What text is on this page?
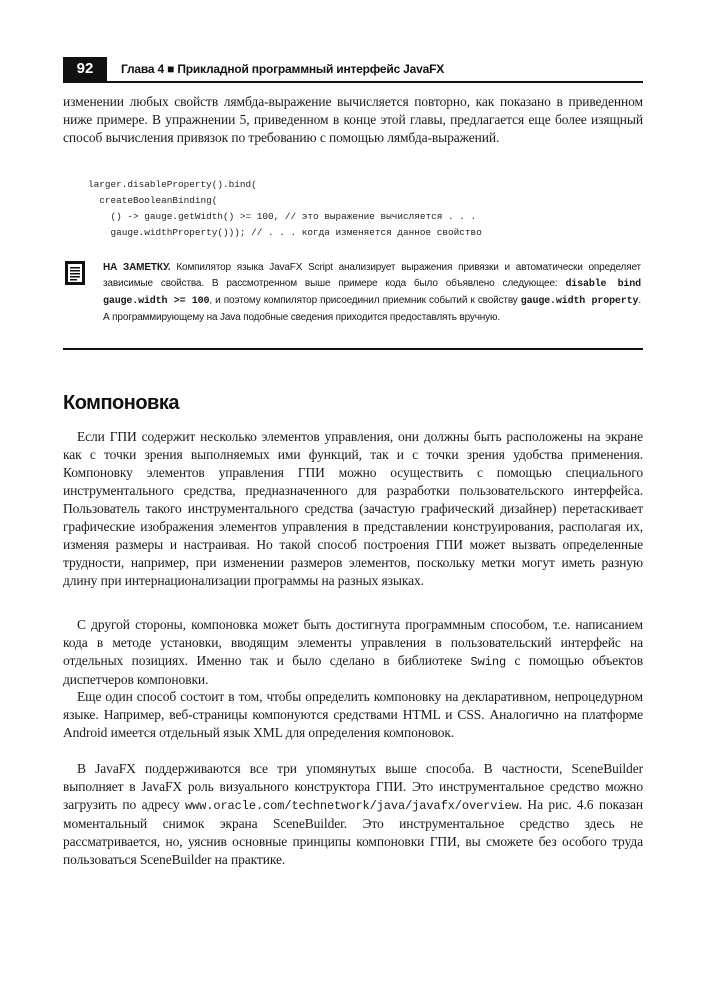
92	Глава 4 ■ Прикладной программный интерфейс JavaFX
изменении любых свойств лямбда-выражение вычисляется повторно, как показано в приведенном ниже примере. В упражнении 5, приведенном в конце этой главы, предлагается еще более изящный способ вычисления привязок по требованию с помощью лямбда-выражений.
larger.disableProperty().bind(
createBooleanBinding(
() -> gauge.getWidth() >= 100, // это выражение вычисляется . . .
gauge.widthProperty())); // . . . когда изменяется данное свойство
НА ЗАМЕТКУ. Компилятор языка JavaFX Script анализирует выражения привязки и автоматически определяет зависимые свойства. В рассмотренном выше примере кода было объявлено следующее: disable bind gauge.width >= 100, и поэтому компилятор присоединил приемник событий к свойству gauge.width property. А программирующему на Java подобные сведения приходится предоставлять вручную.
Компоновка
Если ГПИ содержит несколько элементов управления, они должны быть расположены на экране как с точки зрения выполняемых ими функций, так и с точки зрения удобства применения. Компоновку элементов управления ГПИ можно осуществить с помощью специального инструментального средства, предназначенного для разработки пользовательского интерфейса. Пользователь такого инструментального средства (зачастую графический дизайнер) перетаскивает графические изображения элементов управления в представлении конструирования, располагая их, изменяя размеры и настраивая. Но такой способ построения ГПИ может вызвать определенные трудности, например, при изменении размеров элементов, поскольку метки могут иметь разную длину при интернационализации программы на разных языках.
С другой стороны, компоновка может быть достигнута программным способом, т.е. написанием кода в методе установки, вводящим элементы управления в пользовательский интерфейс на отдельных позициях. Именно так и было сделано в библиотеке Swing с помощью объектов диспетчеров компоновки.
Еще один способ состоит в том, чтобы определить компоновку на декларативном, непроцедурном языке. Например, веб-страницы компонуются средствами HTML и CSS. Аналогично на платформе Android имеется отдельный язык XML для определения компоновок.
В JavaFX поддерживаются все три упомянутых выше способа. В частности, SceneBuilder выполняет в JavaFX роль визуального конструктора ГПИ. Это инструментальное средство можно загрузить по адресу www.oracle.com/technetwork/java/javafx/overview. На рис. 4.6 показан моментальный снимок экрана SceneBuilder. Это инструментальное средство здесь не рассматривается, но, уяснив основные принципы компоновки ГПИ, вы сможете без особого труда пользоваться SceneBuilder на практике.
